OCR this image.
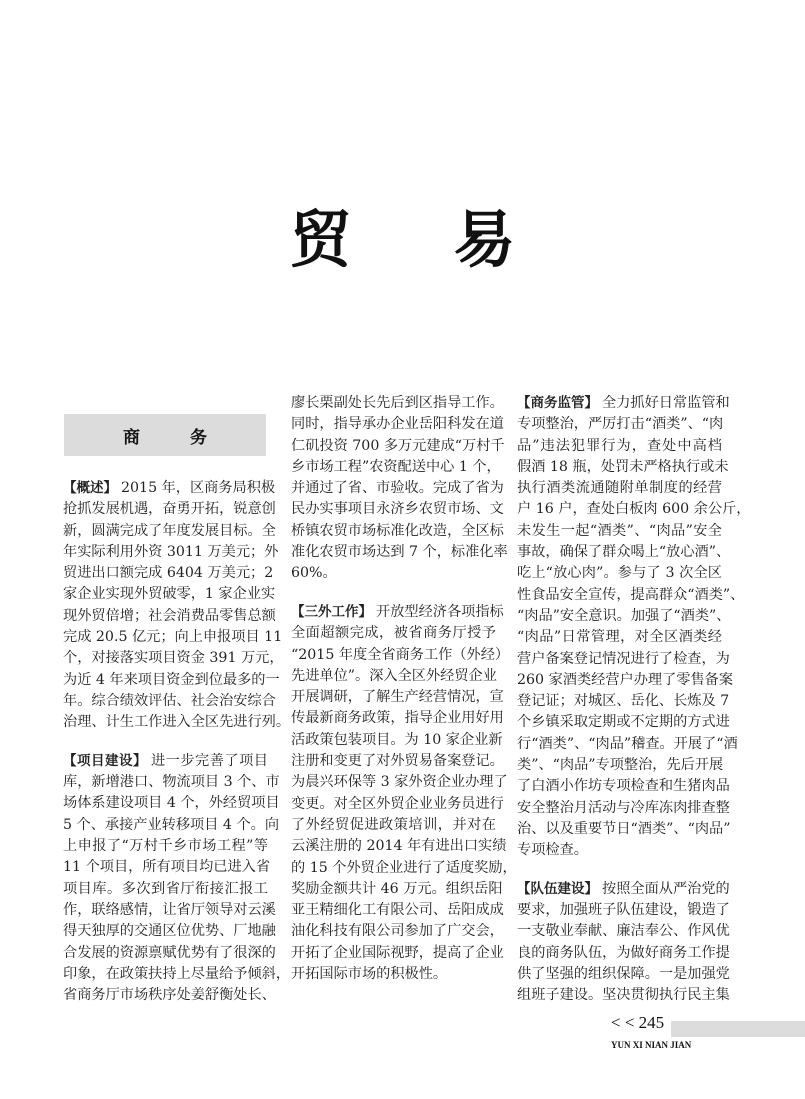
贸 易
商 务
【概述】 2015 年，区商务局积极
抢抓发展机遇，奋勇开拓，锐意创
新，圆满完成了年度发展目标。全
年实际利用外资 3011 万美元；外
贸进出口额完成 6404 万美元；2
家企业实现外贸破零，1 家企业实
现外贸倍增；社会消费品零售总额
完成 20.5 亿元；向上申报项目 11
个，对接落实项目资金 391 万元，
为近 4 年来项目资金到位最多的一
年。综合绩效评估、社会治安综合
治理、计生工作进入全区先进行列。
【项目建设】 进一步完善了项目
库，新增港口、物流项目 3 个、市
场体系建设项目 4 个，外经贸项目
5 个、承接产业转移项目 4 个。向
上申报了“万村千乡市场工程”等
11 个项目，所有项目均已进入省
项目库。多次到省厅衔接汇报工
作，联络感情，让省厅领导对云溪
得天独厚的交通区位优势、厂地融
合发展的资源禀赋优势有了很深的
印象，在政策扶持上尽量给予倾斜，
省商务厅市场秩序处姜舒衡处长、
廖长栗副处长先后到区指导工作。
同时，指导承办企业岳阳科发在道
仁矶投资 700 多万元建成“万村千
乡市场工程”农资配送中心 1 个，
并通过了省、市验收。完成了省为
民办实事项目永济乡农贸市场、文
桥镇农贸市场标准化改造，全区标
准化农贸市场达到 7 个，标准化率
60%。
【三外工作】 开放型经济各项指标
全面超额完成，被省商务厅授予
“2015 年度全省商务工作（外经）
先进单位”。深入全区外经贸企业
开展调研，了解生产经营情况，宣
传最新商务政策，指导企业用好用
活政策包装项目。为 10 家企业新
注册和变更了对外贸易备案登记。
为晨兴环保等 3 家外资企业办理了
变更。对全区外贸企业业务员进行
了外经贸促进政策培训，并对在
云溪注册的 2014 年有进出口实绩
的 15 个外贸企业进行了适度奖励，
奖励金额共计 46 万元。组织岳阳
亚王精细化工有限公司、岳阳成成
油化科技有限公司参加了广交会，
开拓了企业国际视野，提高了企业
开拓国际市场的积极性。
【商务监管】 全力抓好日常监管和
专项整治，严厉打击“酒类”、“肉
品”违法犯罪行为，查处中高档
假酒 18 瓶，处罚未严格执行或未
执行酒类流通随附单制度的经营
户 16 户，查处白板肉 600 余公斤，
未发生一起“酒类”、“肉品”安全
事故，确保了群众喝上“放心酒”、
吃上“放心肉”。参与了 3 次全区
性食品安全宣传，提高群众“酒类”、
“肉品”安全意识。加强了“酒类”、
“肉品”日常管理，对全区酒类经
营户备案登记情况进行了检查，为
260 家酒类经营户办理了零售备案
登记证；对城区、岳化、长炼及 7
个乡镇采取定期或不定期的方式进
行“酒类”、“肉品”稽查。开展了“酒
类”、“肉品”专项整治，先后开展
了白酒小作坊专项检查和生猪肉品
安全整治月活动与冷库冻肉排查整
治、以及重要节日“酒类”、“肉品”
专项检查。
【队伍建设】 按照全面从严治党的
要求，加强班子队伍建设，锻造了
一支敬业奉献、廉洁奉公、作风优
良的商务队伍，为做好商务工作提
供了坚强的组织保障。一是加强党
组班子建设。坚决贯彻执行民主集
< < 245
YUN XI NIAN JIAN
